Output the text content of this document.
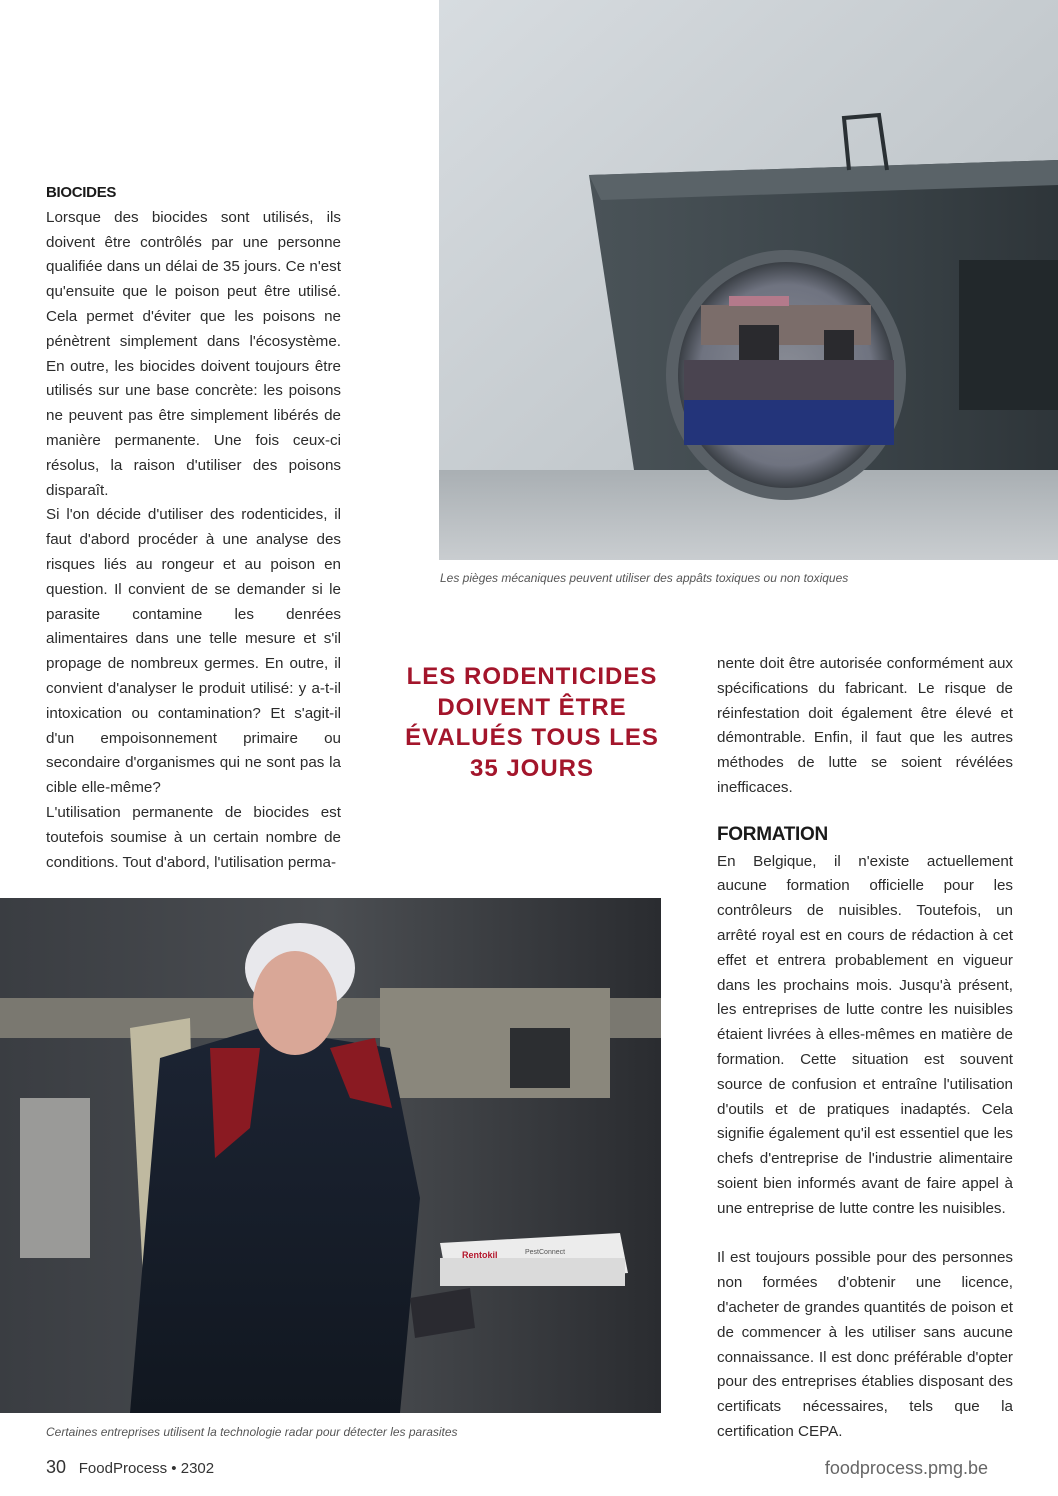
Les pièges mécaniques peuvent utiliser des appâts toxiques ou non toxiques
BIOCIDES

Lorsque des biocides sont utilisés, ils doivent être contrôlés par une personne qualifiée dans un délai de 35 jours. Ce n'est qu'ensuite que le poison peut être utilisé. Cela permet d'éviter que les poisons ne pénètrent simplement dans l'écosystème. En outre, les biocides doivent toujours être utilisés sur une base concrète: les poisons ne peuvent pas être simplement libérés de manière permanente. Une fois ceux-ci résolus, la raison d'utiliser des poisons disparaît.

Si l'on décide d'utiliser des rodenticides, il faut d'abord procéder à une analyse des risques liés au rongeur et au poison en question. Il convient de se demander si le parasite contamine les denrées alimentaires dans une telle mesure et s'il propage de nombreux germes. En outre, il convient d'analyser le produit utilisé: y a-t-il intoxication ou contamination? Et s'agit-il d'un empoisonnement primaire ou secondaire d'organismes qui ne sont pas la cible elle-même?

L'utilisation permanente de biocides est toutefois soumise à un certain nombre de conditions. Tout d'abord, l'utilisation perma-

LES RODENTICIDES DOIVENT ÊTRE ÉVALUÉS TOUS LES 35 JOURS

nente doit être autorisée conformément aux spécifications du fabricant. Le risque de réinfestation doit également être élevé et démontrable. Enfin, il faut que les autres méthodes de lutte se soient révélées inefficaces.

FORMATION

En Belgique, il n'existe actuellement aucune formation officielle pour les contrôleurs de nuisibles. Toutefois, un arrêté royal est en cours de rédaction à cet effet et entrera probablement en vigueur dans les prochains mois. Jusqu'à présent, les entreprises de lutte contre les nuisibles étaient livrées à elles-mêmes en matière de formation. Cette situation est souvent source de confusion et entraîne l'utilisation d'outils et de pratiques inadaptés. Cela signifie également qu'il est essentiel que les chefs d'entreprise de l'industrie alimentaire soient bien informés avant de faire appel à une entreprise de lutte contre les nuisibles.

Il est toujours possible pour des personnes non formées d'obtenir une licence, d'acheter de grandes quantités de poison et de commencer à les utiliser sans aucune connaissance. Il est donc préférable d'opter pour des entreprises établies disposant des certificats nécessaires, tels que la certification CEPA.

Rentokil	PestConnect
Certaines entreprises utilisent la technologie radar pour détecter les parasites
30 FoodProcess • 2302	foodprocess.pmg.be
